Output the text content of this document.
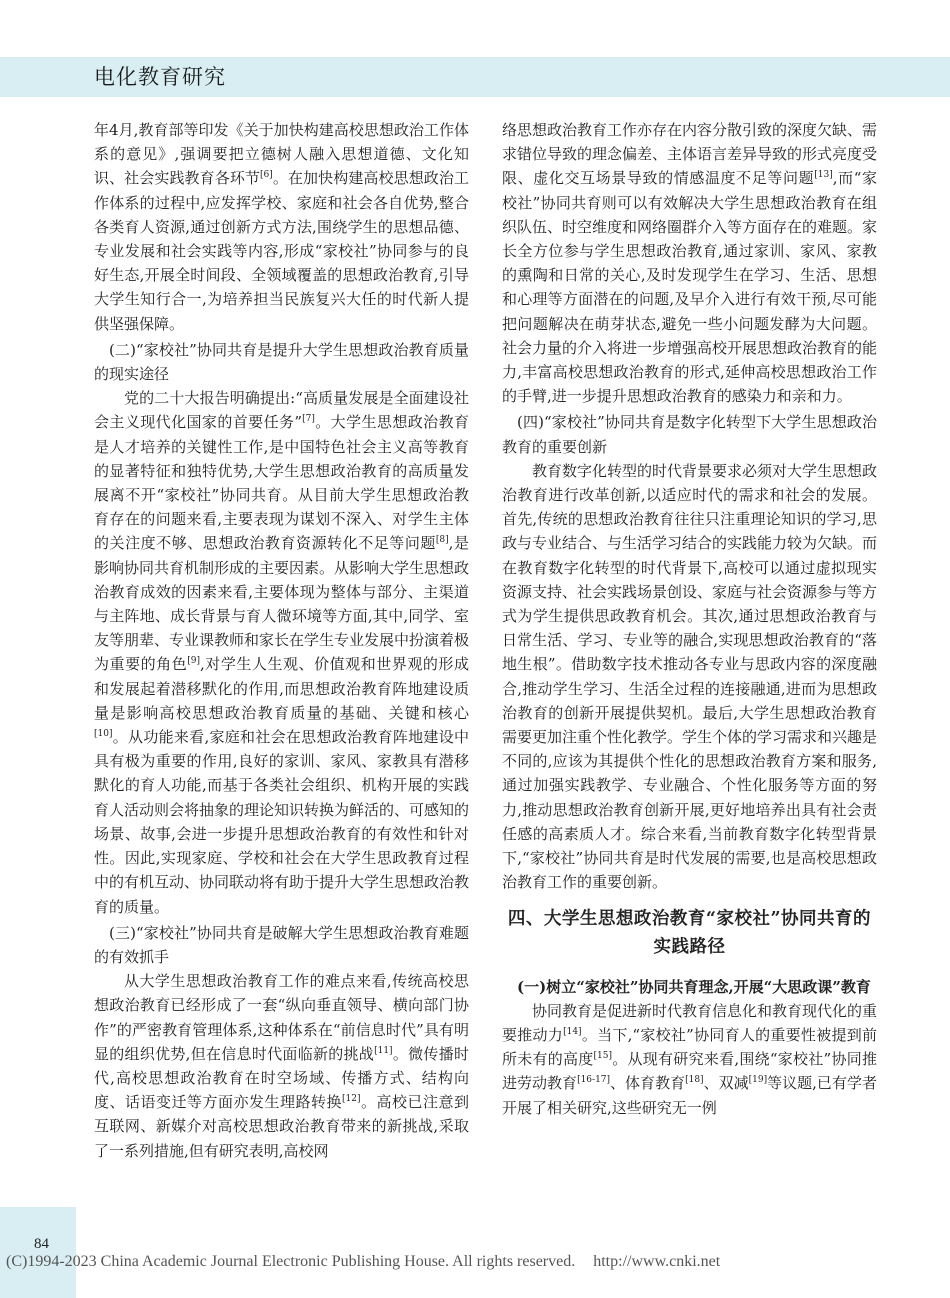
电化教育研究

年4月,教育部等印发《关于加快构建高校思想政治工作体系的意见》,强调要把立德树人融入思想道德、文化知识、社会实践教育各环节[6]。在加快构建高校思想政治工作体系的过程中,应发挥学校、家庭和社会各自优势,整合各类育人资源,通过创新方式方法,围绕学生的思想品德、专业发展和社会实践等内容,形成“家校社”协同参与的良好生态,开展全时间段、全领域覆盖的思想政治教育,引导大学生知行合一,为培养担当民族复兴大任的时代新人提供坚强保障。

(二)“家校社”协同共育是提升大学生思想政治教育质量的现实途径

党的二十大报告明确提出:“高质量发展是全面建设社会主义现代化国家的首要任务”[7]。大学生思想政治教育是人才培养的关键性工作,是中国特色社会主义高等教育的显著特征和独特优势,大学生思想政治教育的高质量发展离不开“家校社”协同共育。从目前大学生思想政治教育存在的问题来看,主要表现为谋划不深入、对学生主体的关注度不够、思想政治教育资源转化不足等问题[8],是影响协同共育机制形成的主要因素。从影响大学生思想政治教育成效的因素来看,主要体现为整体与部分、主渠道与主阵地、成长背景与育人微环境等方面,其中,同学、室友等朋辈、专业课教师和家长在学生专业发展中扮演着极为重要的角色[9],对学生人生观、价值观和世界观的形成和发展起着潜移默化的作用,而思想政治教育阵地建设质量是影响高校思想政治教育质量的基础、关键和核心[10]。从功能来看,家庭和社会在思想政治教育阵地建设中具有极为重要的作用,良好的家训、家风、家教具有潜移默化的育人功能,而基于各类社会组织、机构开展的实践育人活动则会将抽象的理论知识转换为鲜活的、可感知的场景、故事,会进一步提升思想政治教育的有效性和针对性。因此,实现家庭、学校和社会在大学生思政教育过程中的有机互动、协同联动将有助于提升大学生思想政治教育的质量。

(三)“家校社”协同共育是破解大学生思想政治教育难题的有效抓手

从大学生思想政治教育工作的难点来看,传统高校思想政治教育已经形成了一套“纵向垂直领导、横向部门协作”的严密教育管理体系,这种体系在“前信息时代”具有明显的组织优势,但在信息时代面临新的挑战[11]。微传播时代,高校思想政治教育在时空场域、传播方式、结构向度、话语变迁等方面亦发生理路转换[12]。高校已注意到互联网、新媒介对高校思想政治教育带来的新挑战,采取了一系列措施,但有研究表明,高校网

络思想政治教育工作亦存在内容分散引致的深度欠缺、需求错位导致的理念偏差、主体语言差异导致的形式亮度受限、虚化交互场景导致的情感温度不足等问题[13],而“家校社”协同共育则可以有效解决大学生思想政治教育在组织队伍、时空维度和网络圈群介入等方面存在的难题。家长全方位参与学生思想政治教育,通过家训、家风、家教的熏陶和日常的关心,及时发现学生在学习、生活、思想和心理等方面潜在的问题,及早介入进行有效干预,尽可能把问题解决在萌芽状态,避免一些小问题发酵为大问题。社会力量的介入将进一步增强高校开展思想政治教育的能力,丰富高校思想政治教育的形式,延伸高校思想政治工作的手臂,进一步提升思想政治教育的感染力和亲和力。

(四)“家校社”协同共育是数字化转型下大学生思想政治教育的重要创新

教育数字化转型的时代背景要求必须对大学生思想政治教育进行改革创新,以适应时代的需求和社会的发展。首先,传统的思想政治教育往往只注重理论知识的学习,思政与专业结合、与生活学习结合的实践能力较为欠缺。而在教育数字化转型的时代背景下,高校可以通过虚拟现实资源支持、社会实践场景创设、家庭与社会资源参与等方式为学生提供思政教育机会。其次,通过思想政治教育与日常生活、学习、专业等的融合,实现思想政治教育的“落地生根”。借助数字技术推动各专业与思政内容的深度融合,推动学生学习、生活全过程的连接融通,进而为思想政治教育的创新开展提供契机。最后,大学生思想政治教育需要更加注重个性化教学。学生个体的学习需求和兴趣是不同的,应该为其提供个性化的思想政治教育方案和服务,通过加强实践教学、专业融合、个性化服务等方面的努力,推动思想政治教育创新开展,更好地培养出具有社会责任感的高素质人才。综合来看,当前教育数字化转型背景下,“家校社”协同共育是时代发展的需要,也是高校思想政治教育工作的重要创新。

四、大学生思想政治教育“家校社”协同共育的实践路径

(一)树立“家校社”协同共育理念,开展“大思政课”教育

协同教育是促进新时代教育信息化和教育现代化的重要推动力[14]。当下,“家校社”协同育人的重要性被提到前所未有的高度[15]。从现有研究来看,围绕“家校社”协同推进劳动教育[16-17]、体育教育[18]、双减[19]等议题,已有学者开展了相关研究,这些研究无一例

84
(C)1994-2023 China Academic Journal Electronic Publishing House. All rights reserved. http://www.cnki.net
